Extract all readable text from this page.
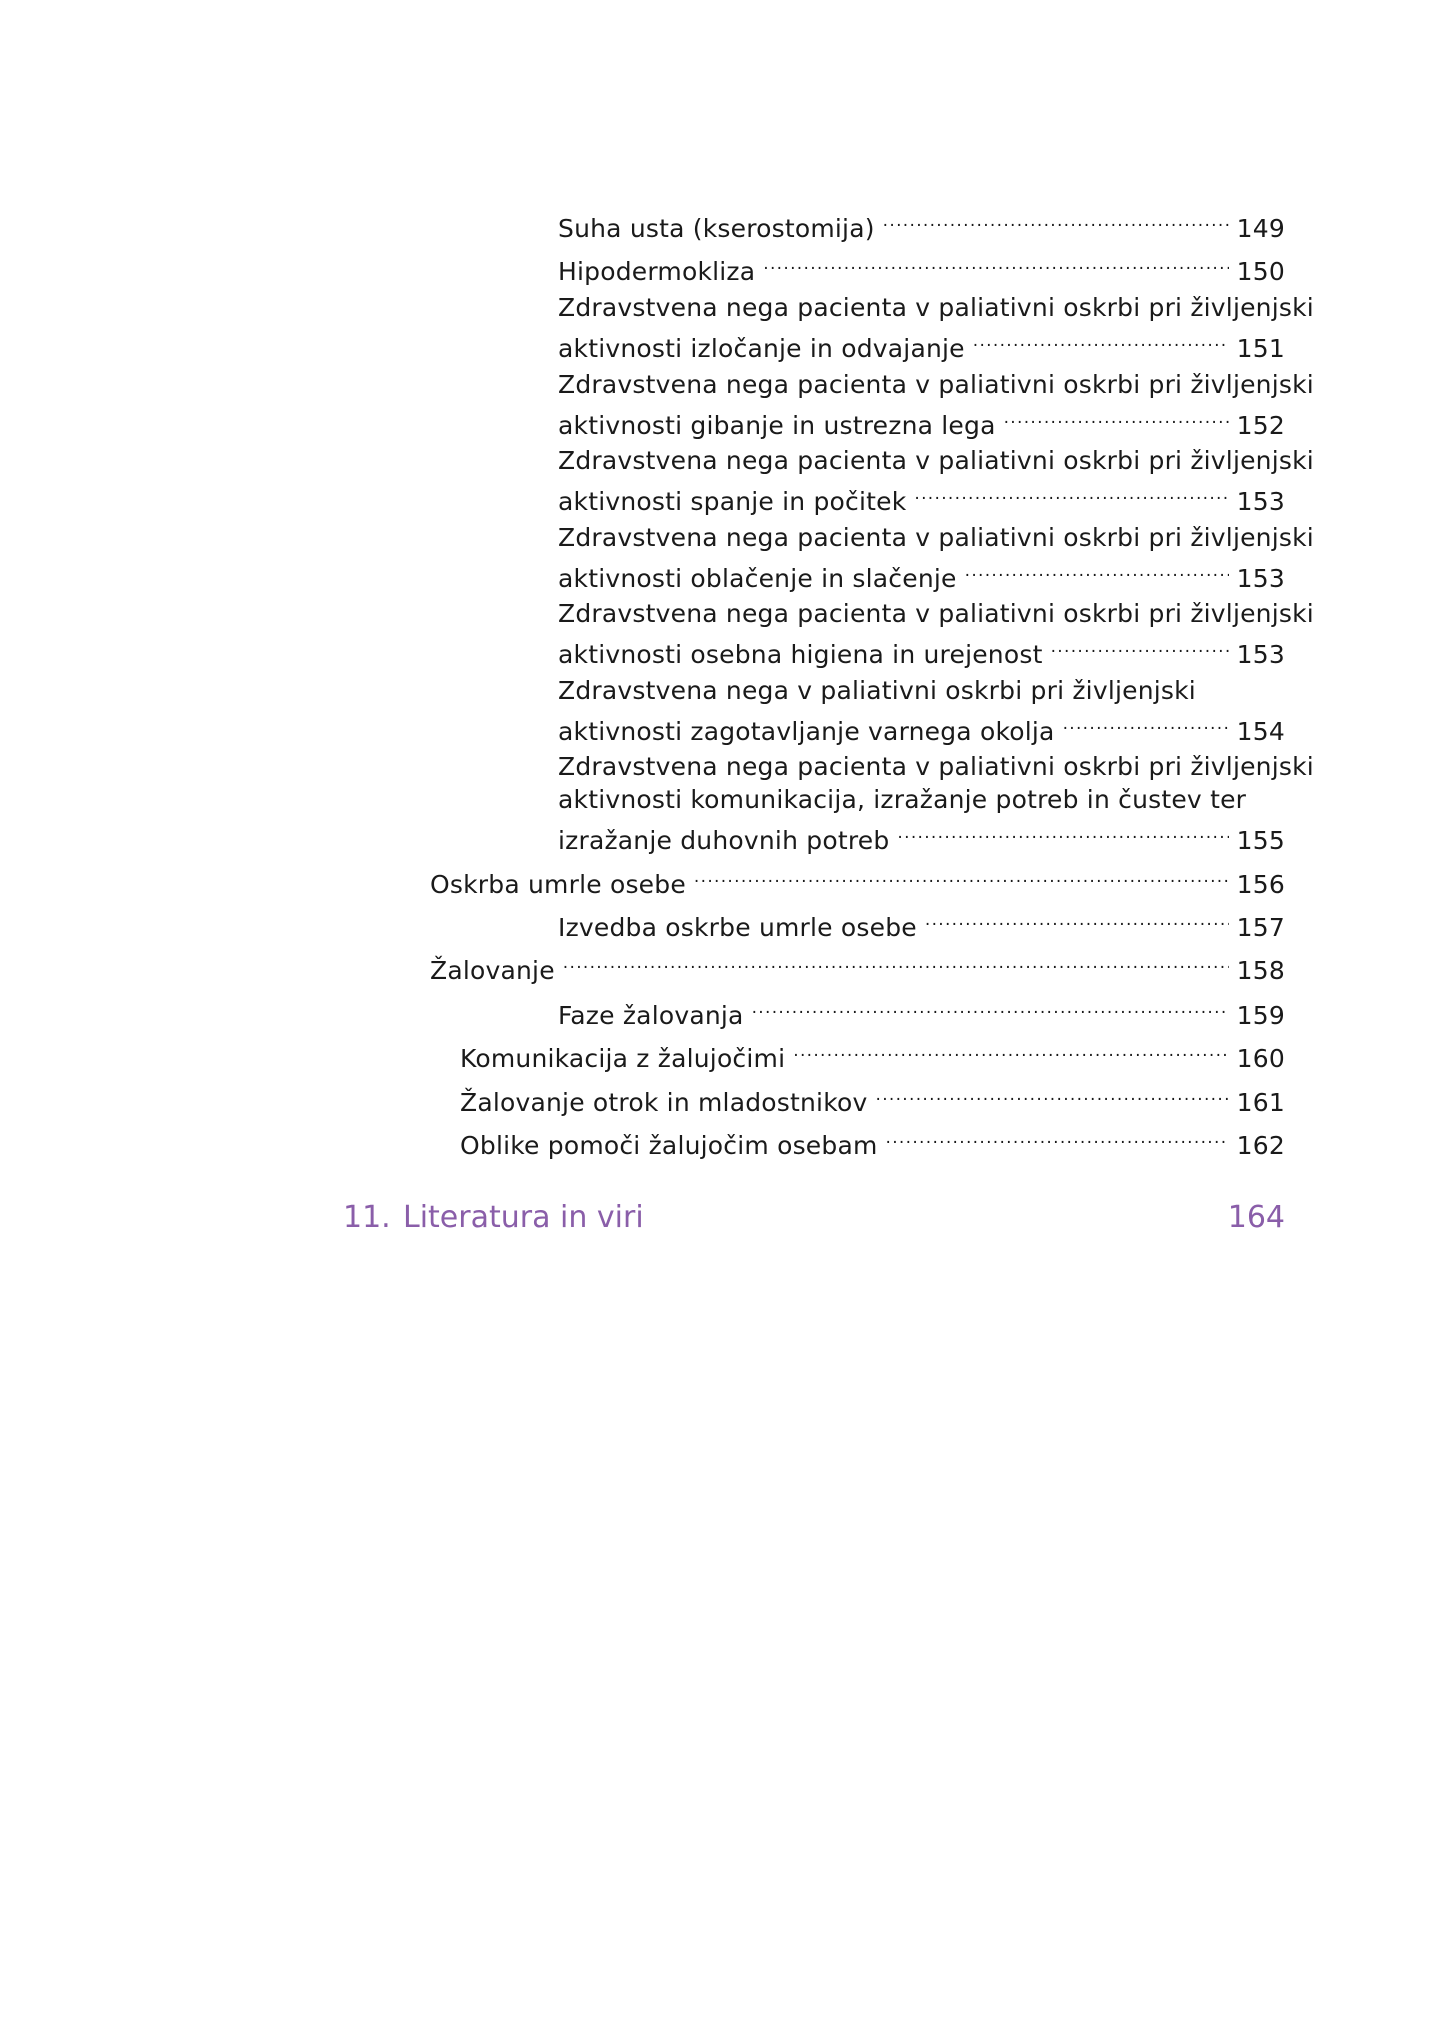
Suha usta (kserostomija) .....	149
Hipodermokliza .....	150
Zdravstvena nega pacienta v paliativni oskrbi pri življenjski
aktivnosti izločanje in odvajanje .....	151
Zdravstvena nega pacienta v paliativni oskrbi pri življenjski
aktivnosti gibanje in ustrezna lega .....	152
Zdravstvena nega pacienta v paliativni oskrbi pri življenjski
aktivnosti spanje in počitek .....	153
Zdravstvena nega pacienta v paliativni oskrbi pri življenjski
aktivnosti oblačenje in slačenje .....	153
Zdravstvena nega pacienta v paliativni oskrbi pri življenjski
aktivnosti osebna higiena in urejenost .....	153
Zdravstvena nega v paliativni oskrbi pri življenjski
aktivnosti zagotavljanje varnega okolja .....	154
Zdravstvena nega pacienta v paliativni oskrbi pri življenjski
aktivnosti komunikacija, izražanje potreb in čustev ter
izražanje duhovnih potreb .....	155
Oskrba umrle osebe .....	156
Izvedba oskrbe umrle osebe .....	157
Žalovanje .....	158
Faze žalovanja .....	159
Komunikacija z žalujočimi .....	160
Žalovanje otrok in mladostnikov .....	161
Oblike pomoči žalujočim osebam .....	162
11. Literatura in viri	164
